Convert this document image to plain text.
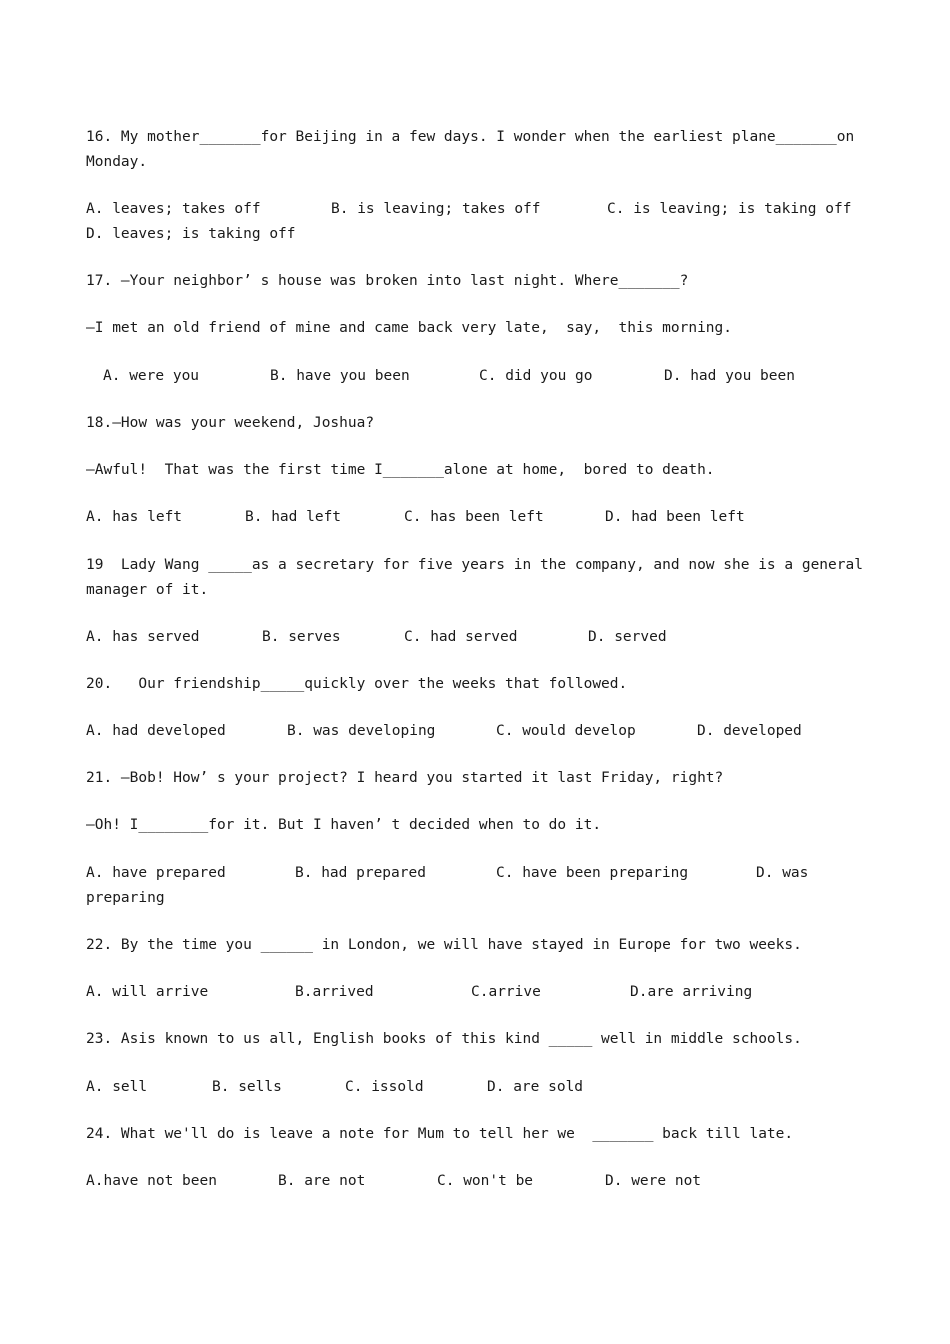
16. My mother_______for Beijing in a few days. I wonder when the earliest plane_______on
Monday.
A. leaves; takes off	B. is leaving; takes off	C. is leaving; is taking off
D. leaves; is taking off
17. —Your neighbor’ s house was broken into last night. Where_______?
—I met an old friend of mine and came back very late,  say,  this morning.
A. were you	B. have you been	C. did you go	D. had you been
18.—How was your weekend, Joshua?
—Awful!  That was the first time I_______alone at home,  bored to death.
A. has left	B. had left	C. has been left	D. had been left
19  Lady Wang _____as a secretary for five years in the company, and now she is a general
manager of it.
A. has served	B. serves	C. had served	D. served
20.   Our friendship_____quickly over the weeks that followed.
A. had developed	B. was developing	C. would develop	D. developed
21. —Bob! How’ s your project? I heard you started it last Friday, right?
—Oh! I________for it. But I haven’ t decided when to do it.
A. have prepared	B. had prepared	C. have been preparing	D. was
preparing
22. By the time you ______ in London, we will have stayed in Europe for two weeks.
A. will arrive	B.arrived	C.arrive	D.are arriving
23. Asis known to us all, English books of this kind _____ well in middle schools.
A. sell	B. sells	C. issold	D. are sold
24. What we'll do is leave a note for Mum to tell her we  _______ back till late.
A.have not been	B. are not	C. won't be	D. were not
